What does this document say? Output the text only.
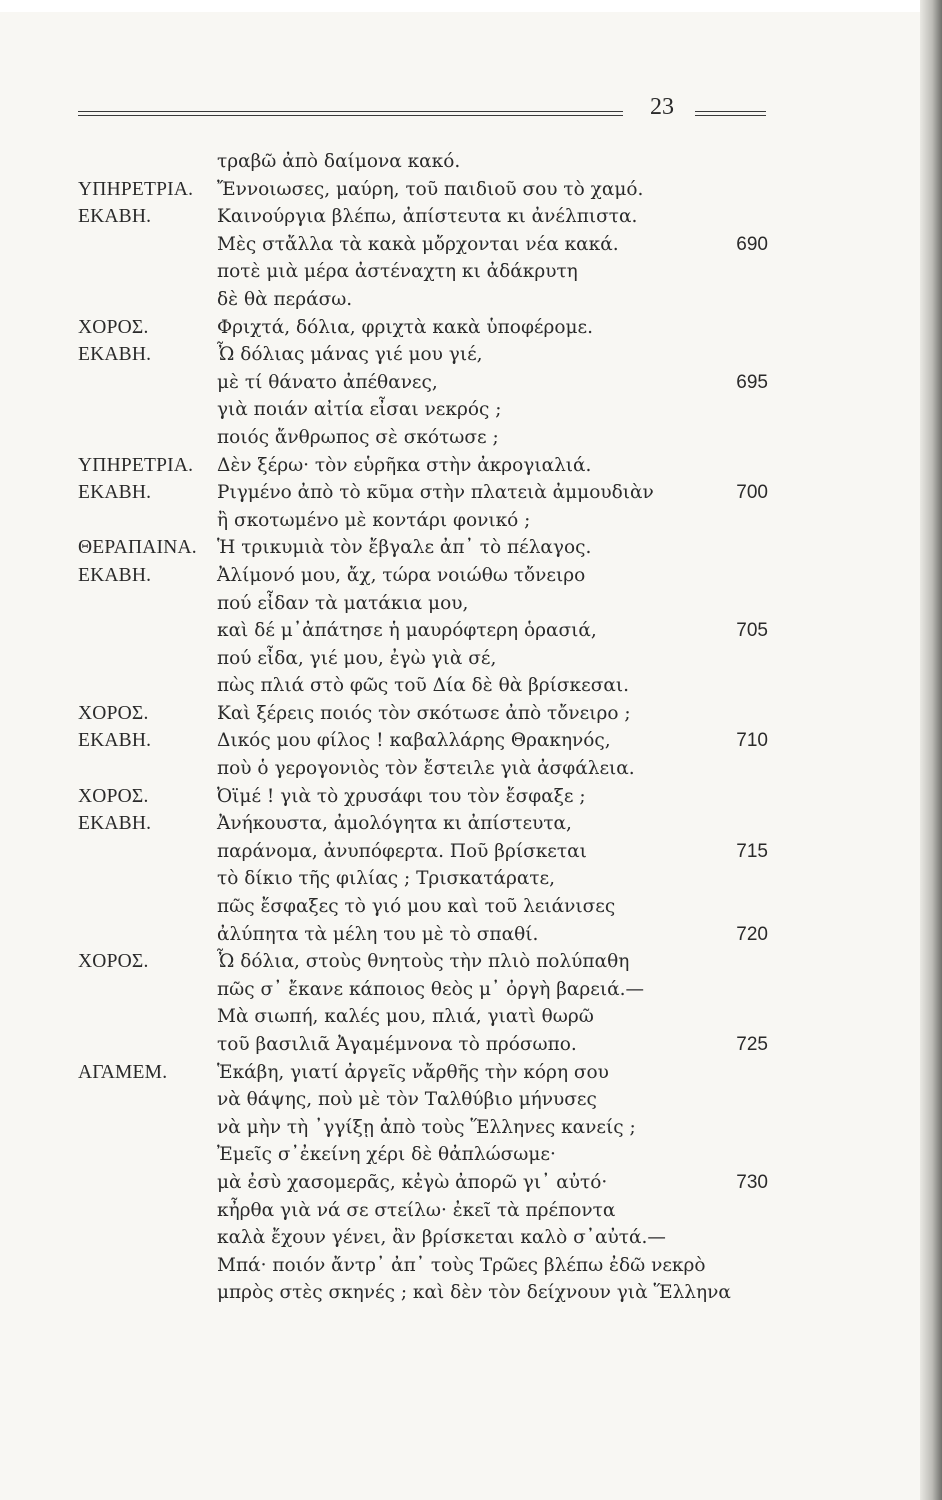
23
τραβῶ ἀπὸ δαίμονα κακό.
ΥΠΗΡΕΤΡΙΑ. Ἔννοιωσες, μαύρη, τοῦ παιδιοῦ σου τὸ χαμό.
ΕΚΑΒΗ.	Καινούργια βλέπω, ἀπίστευτα κι ἀνέλπιστα.
Μὲς στἄλλα τὰ κακὰ μὄρχονται νέα κακά.	690
ποτὲ μιὰ μέρα ἀστέναχτη κι ἀδάκρυτη
δὲ θὰ περάσω.
ΧΟΡΟΣ.	Φριχτά, δόλια, φριχτὰ κακὰ ὑποφέρομε.
ΕΚΑΒΗ.	Ὦ δόλιας μάνας γιέ μου γιέ,
μὲ τί θάνατο ἀπέθανες,	695
γιὰ ποιάν αἰτία εἶσαι νεκρός ;
ποιός ἄνθρωπος σὲ σκότωσε ;
ΥΠΗΡΕΤΡΙΑ. Δὲν ξέρω· τὸν εὑρῆκα στὴν ἀκρογιαλιά.
ΕΚΑΒΗ.	Ριγμένο ἀπὸ τὸ κῦμα στὴν πλατειὰ ἀμμουδιὰν	700
ἢ σκοτωμένο μὲ κοντάρι φονικό ;
ΘΕΡΑΠΑΙΝΑ. Ἡ τρικυμιὰ τὸν ἔβγαλε ἀπ᾽ τὸ πέλαγος.
ΕΚΑΒΗ.	Ἀλίμονό μου, ἄχ, τώρα νοιώθω τὄνειρο
πού εἶδαν τὰ ματάκια μου,
καὶ δέ μ᾽ἀπάτησε ἡ μαυρόφτερη ὁρασιά,	705
πού εἶδα, γιέ μου, ἐγὼ γιὰ σέ,
πὼς πλιά στὸ φῶς τοῦ Δία δὲ θὰ βρίσκεσαι.
ΧΟΡΟΣ.	Καὶ ξέρεις ποιός τὸν σκότωσε ἀπὸ τὄνειρο ;
ΕΚΑΒΗ.	Δικός μου φίλος ! καβαλλάρης Θρακηνός,	710
ποὺ ὁ γερογονιὸς τὸν ἔστειλε γιὰ ἀσφάλεια.
ΧΟΡΟΣ.	Ὀϊμέ ! γιὰ τὸ χρυσάφι του τὸν ἔσφαξε ;
ΕΚΑΒΗ.	Ἀνήκουστα, ἀμολόγητα κι ἀπίστευτα,
παράνομα, ἀνυπόφερτα. Ποῦ βρίσκεται	715
τὸ δίκιο τῆς φιλίας ; Τρισκατάρατε,
πῶς ἔσφαξες τὸ γιό μου καὶ τοῦ λειάνισες
ἀλύπητα τὰ μέλη του μὲ τὸ σπαθί.	720
ΧΟΡΟΣ.	Ὦ δόλια, στοὺς θνητοὺς τὴν πλιὸ πολύπαθη
πῶς σ᾽ ἔκανε κάποιος θεὸς μ᾽ ὀργὴ βαρειά.—
Μὰ σιωπή, καλές μου, πλιά, γιατὶ θωρῶ
τοῦ βασιλιᾶ Ἀγαμέμνονα τὸ πρόσωπο.	725
ΑΓΑΜΕΜ.	Ἑκάβη, γιατί ἀργεῖς νἄρθῆς τὴν κόρη σου
νὰ θάψης, ποὺ μὲ τὸν Ταλθύβιο μήνυσες
νὰ μὴν τὴ ᾽γγίξῃ ἀπὸ τοὺς Ἕλληνες κανείς ;
Ἐμεῖς σ᾽ἐκείνη χέρι δὲ θἀπλώσωμε·
μὰ ἐσὺ χασομερᾶς, κἐγὼ ἀπορῶ γι᾽ αὐτό·	730
κἦρθα γιὰ νά σε στείλω· ἐκεῖ τὰ πρέποντα
καλὰ ἔχουν γένει, ἂν βρίσκεται καλὸ σ᾽αὐτά.—
Μπά· ποιόν ἄντρ᾽ ἀπ᾽ τοὺς Τρῶες βλέπω ἐδῶ νεκρὸ
μπρὸς στὲς σκηνές ; καὶ δὲν τὸν δείχνουν γιὰ Ἕλληνα
